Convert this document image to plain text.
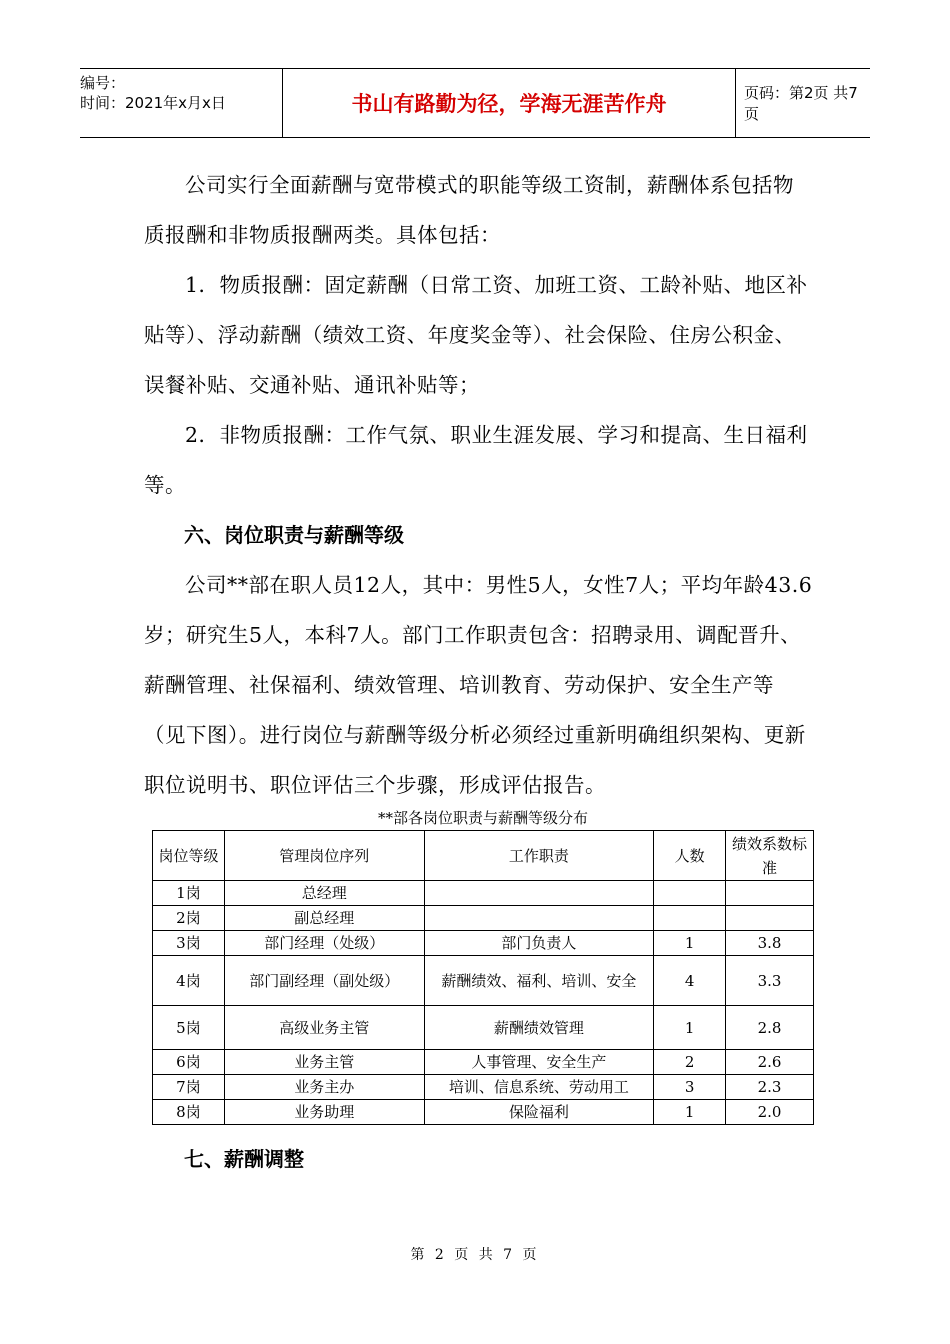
编号：
时间：2021年x月x日	书山有路勤为径，学海无涯苦作舟	页码：第2页 共7页

公司实行全面薪酬与宽带模式的职能等级工资制，薪酬体系包括物质报酬和非物质报酬两类。具体包括：

1．物质报酬：固定薪酬（日常工资、加班工资、工龄补贴、地区补贴等）、浮动薪酬（绩效工资、年度奖金等）、社会保险、住房公积金、误餐补贴、交通补贴、通讯补贴等；

2．非物质报酬：工作气氛、职业生涯发展、学习和提高、生日福利等。

六、岗位职责与薪酬等级

公司**部在职人员12人，其中：男性5人，女性7人；平均年龄43.6岁；研究生5人，本科7人。部门工作职责包含：招聘录用、调配晋升、薪酬管理、社保福利、绩效管理、培训教育、劳动保护、安全生产等（见下图）。进行岗位与薪酬等级分析必须经过重新明确组织架构、更新职位说明书、职位评估三个步骤，形成评估报告。

**部各岗位职责与薪酬等级分布
岗位等级	管理岗位序列	工作职责	人数	绩效系数标准
1岗	总经理			
2岗	副总经理			
3岗	部门经理（处级）	部门负责人	1	3.8
4岗	部门副经理（副处级）	薪酬绩效、福利、培训、安全	4	3.3
5岗	高级业务主管	薪酬绩效管理	1	2.8
6岗	业务主管	人事管理、安全生产	2	2.6
7岗	业务主办	培训、信息系统、劳动用工	3	2.3
8岗	业务助理	保险福利	1	2.0

七、薪酬调整

第 2 页 共 7 页
